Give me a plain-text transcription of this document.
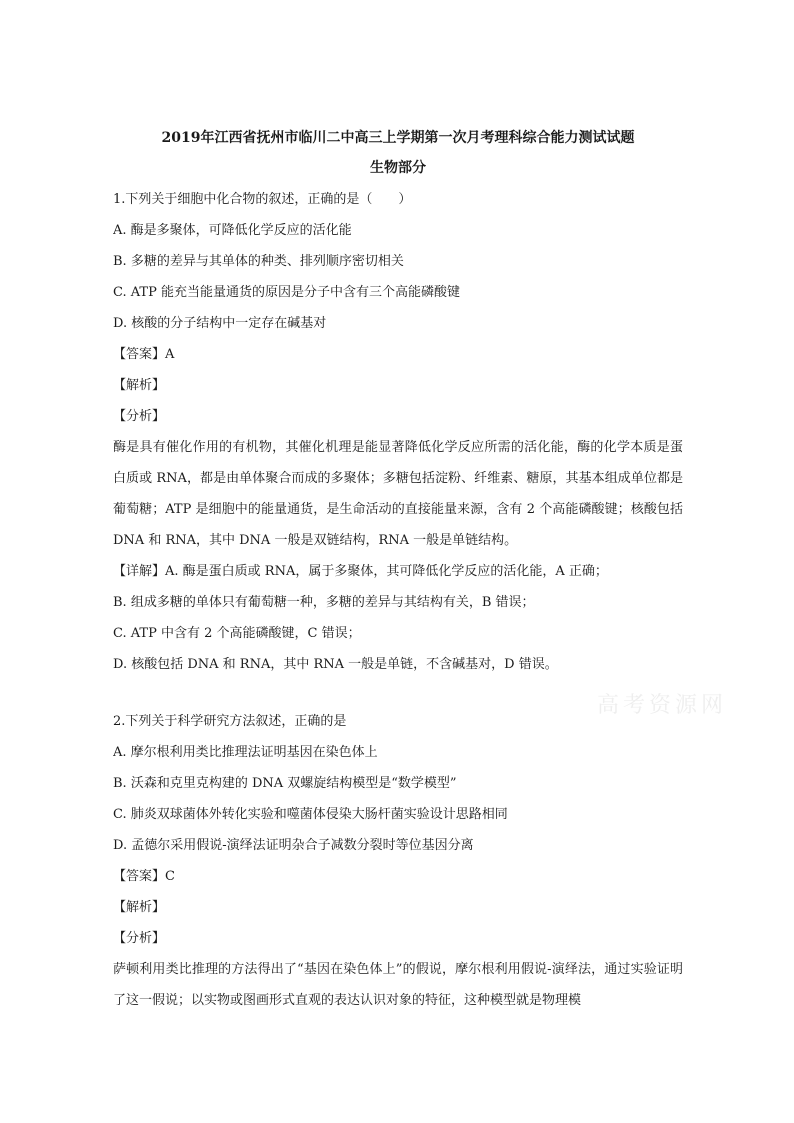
2019年江西省抚州市临川二中高三上学期第一次月考理科综合能力测试试题
生物部分
1.下列关于细胞中化合物的叙述，正确的是（　　）
A. 酶是多聚体，可降低化学反应的活化能
B. 多糖的差异与其单体的种类、排列顺序密切相关
C. ATP 能充当能量通货的原因是分子中含有三个高能磷酸键
D. 核酸的分子结构中一定存在碱基对
【答案】A
【解析】
【分析】

酶是具有催化作用的有机物，其催化机理是能显著降低化学反应所需的活化能，酶的化学本质是蛋白质或 RNA，都是由单体聚合而成的多聚体；多糖包括淀粉、纤维素、糖原，其基本组成单位都是葡萄糖；ATP 是细胞中的能量通货，是生命活动的直接能量来源，含有 2 个高能磷酸键；核酸包括 DNA 和 RNA，其中 DNA 一般是双链结构，RNA 一般是单链结构。

【详解】A. 酶是蛋白质或 RNA，属于多聚体，其可降低化学反应的活化能，A 正确；
B. 组成多糖的单体只有葡萄糖一种，多糖的差异与其结构有关，B 错误；
C. ATP 中含有 2 个高能磷酸键，C 错误；
D. 核酸包括 DNA 和 RNA，其中 RNA 一般是单链，不含碱基对，D 错误。
2.下列关于科学研究方法叙述，正确的是
A. 摩尔根利用类比推理法证明基因在染色体上
B. 沃森和克里克构建的 DNA 双螺旋结构模型是“数学模型”
C. 肺炎双球菌体外转化实验和噬菌体侵染大肠杆菌实验设计思路相同
D. 孟德尔采用假说-演绎法证明杂合子减数分裂时等位基因分离
【答案】C
【解析】
【分析】

萨顿利用类比推理的方法得出了“基因在染色体上”的假说，摩尔根利用假说-演绎法，通过实验证明了这一假说；以实物或图画形式直观的表达认识对象的特征，这种模型就是物理模

高考资源网
